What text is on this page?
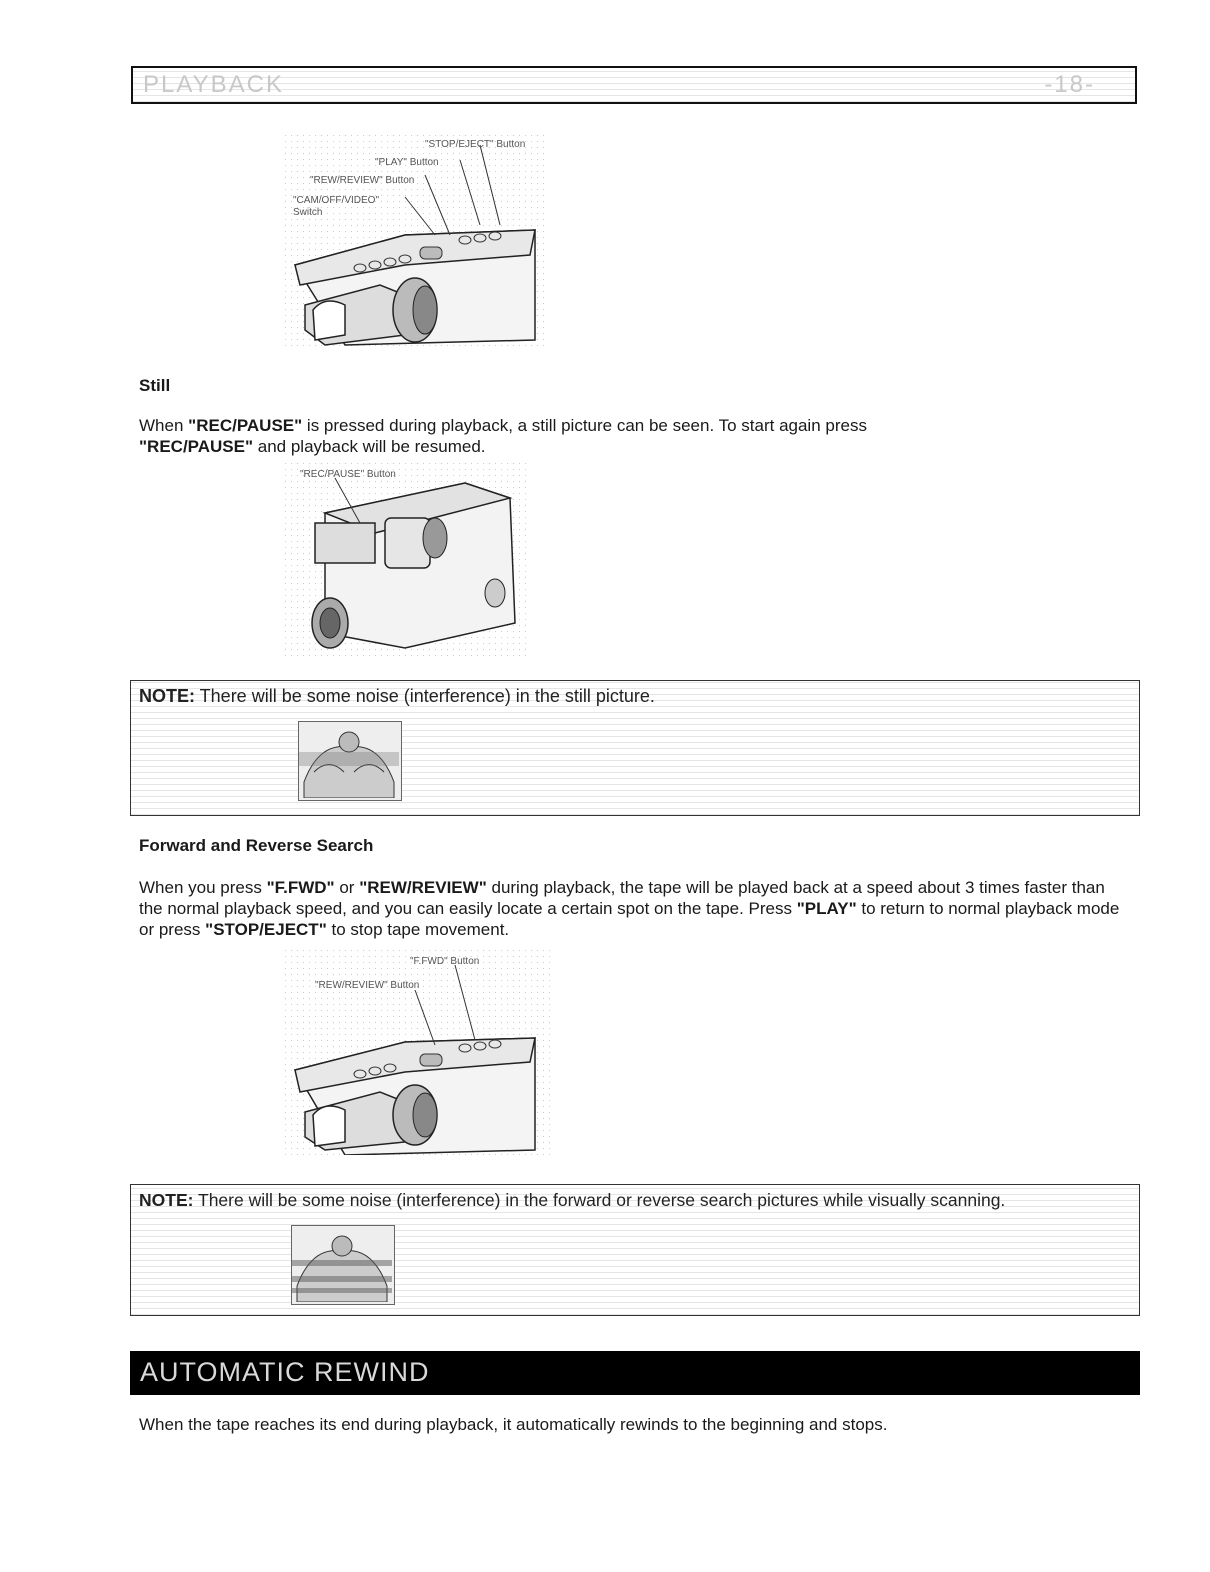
PLAYBACK	-18-
"STOP/EJECT" Button
"PLAY" Button
"REW/REVIEW" Button
"CAM/OFF/VIDEO"
Switch
Still
When "REC/PAUSE" is pressed during playback, a still picture can be seen. To start again press
"REC/PAUSE" and playback will be resumed.
"REC/PAUSE" Button
NOTE: There will be some noise (interference) in the still picture.
Forward and Reverse Search
When you press "F.FWD" or "REW/REVIEW" during playback, the tape will be played back at a speed about 3 times faster than the normal playback speed, and you can easily locate a certain spot on the tape. Press "PLAY" to return to normal playback mode or press "STOP/EJECT" to stop tape movement.
"F.FWD" Button
"REW/REVIEW" Button
NOTE: There will be some noise (interference) in the forward or reverse search pictures while visually scanning.
AUTOMATIC REWIND
When the tape reaches its end during playback, it automatically rewinds to the beginning and stops.
